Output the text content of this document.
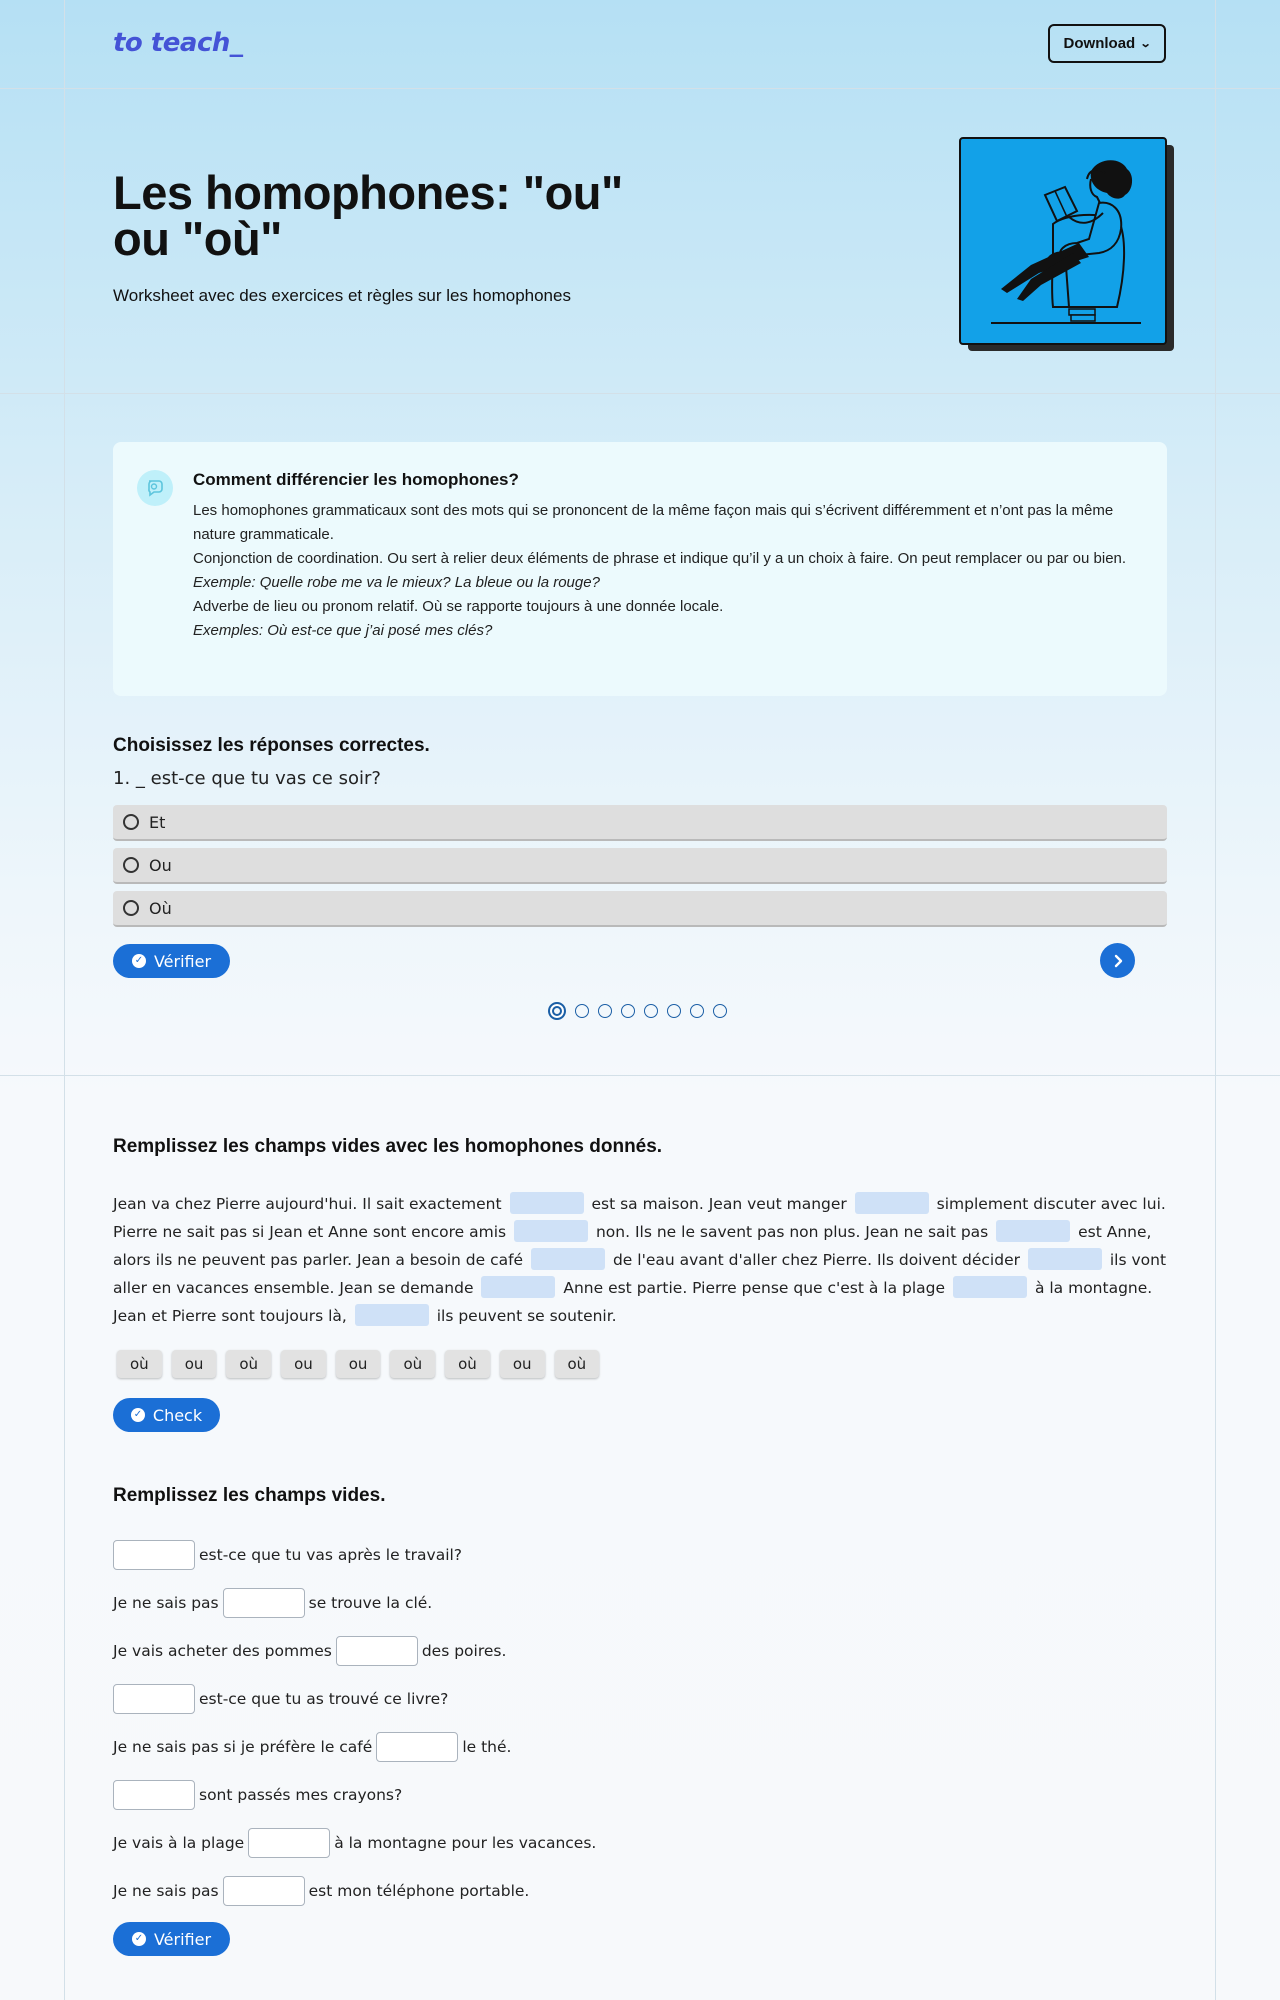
to teach_	Download ⌄
Les homophones: "ou" ou "où"

Worksheet avec des exercices et règles sur les homophones

Comment différencier les homophones?

Les homophones grammaticaux sont des mots qui se prononcent de la même façon mais qui s’écrivent différemment et n’ont pas la même nature grammaticale.

Conjonction de coordination. Ou sert à relier deux éléments de phrase et indique qu’il y a un choix à faire. On peut remplacer ou par ou bien.

Exemple: Quelle robe me va le mieux? La bleue ou la rouge?

Adverbe de lieu ou pronom relatif. Où se rapporte toujours à une donnée locale.

Exemples: Où est-ce que j’ai posé mes clés?

Choisissez les réponses correctes.

1. _ est-ce que tu vas ce soir?

Et
Ou
Où
✓ Vérifier
Remplissez les champs vides avec les homophones donnés.
Jean va chez Pierre aujourd'hui. Il sait exactement	est sa maison. Jean veut manger	simplement discuter avec lui. Pierre ne sait pas si Jean et Anne sont encore amis	non. Ils ne le savent pas non plus. Jean ne sait pas	est Anne, alors ils ne peuvent pas parler. Jean a besoin de café	de l'eau avant d'aller chez Pierre. Ils doivent décider	ils vont aller en vacances ensemble. Jean se demande	Anne est partie. Pierre pense que c'est à la plage	à la montagne. Jean et Pierre sont toujours là,	ils peuvent se soutenir.
où	ou	où	ou	ou	où	où	ou	où
✓ Check
Remplissez les champs vides.
est-ce que tu vas après le travail?
Je ne sais pas	se trouve la clé.
Je vais acheter des pommes	des poires.
est-ce que tu as trouvé ce livre?
Je ne sais pas si je préfère le café	le thé.
sont passés mes crayons?
Je vais à la plage	à la montagne pour les vacances.
Je ne sais pas	est mon téléphone portable.
✓ Vérifier
